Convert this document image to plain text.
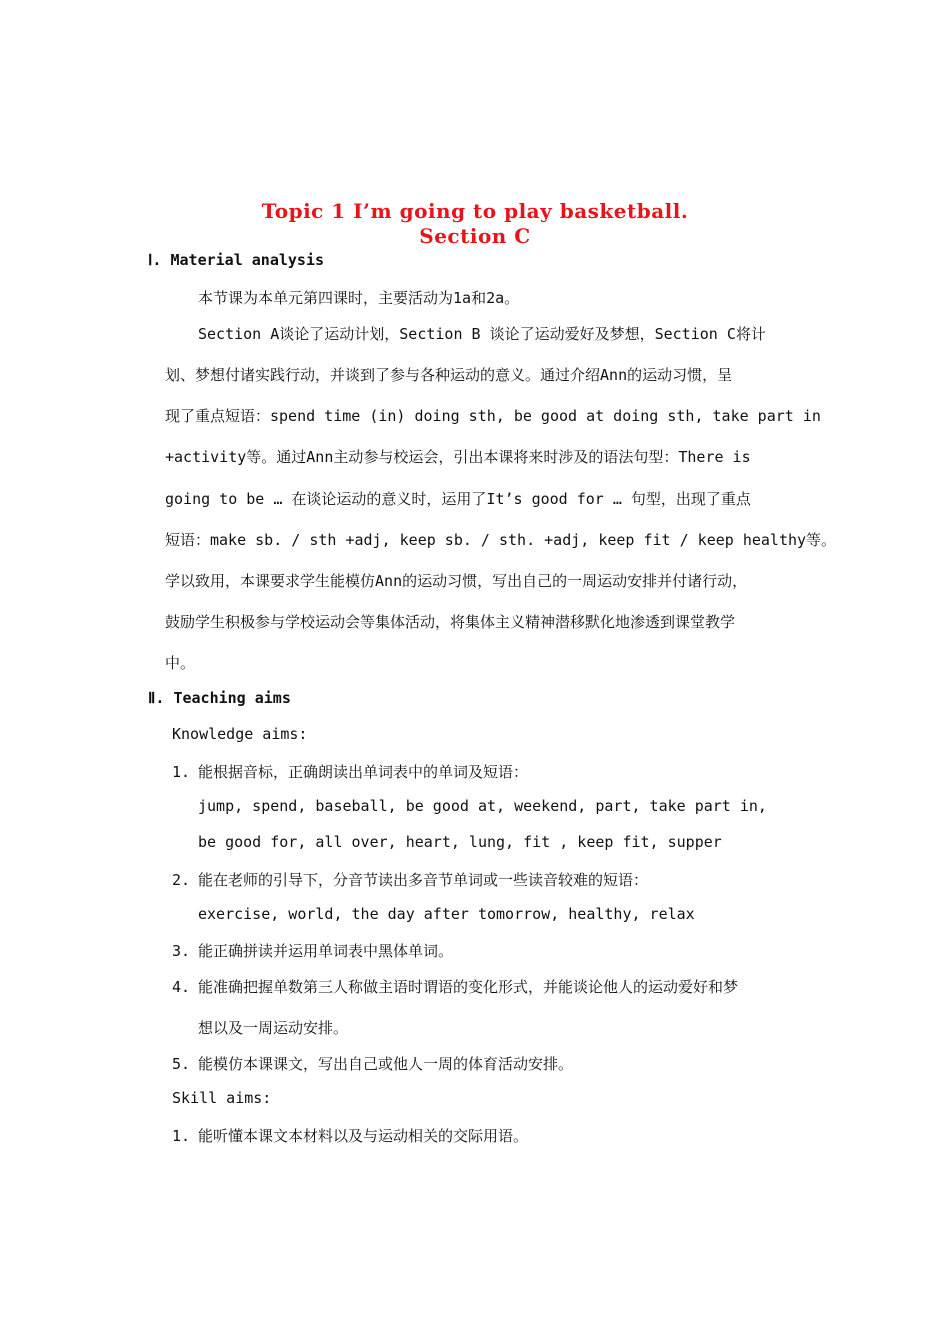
Topic 1 I’m going to play basketball.
Section C
Ⅰ. Material analysis

本节课为本单元第四课时，主要活动为1a和2a。

Section A谈论了运动计划，Section B 谈论了运动爱好及梦想，Section C将计

划、梦想付诸实践行动，并谈到了参与各种运动的意义。通过介绍Ann的运动习惯，呈

现了重点短语：spend time (in) doing sth, be good at doing sth, take part in

+activity等。通过Ann主动参与校运会，引出本课将来时涉及的语法句型：There is

going to be … 在谈论运动的意义时，运用了It’s good for … 句型，出现了重点

短语：make sb. / sth +adj, keep sb. / sth. +adj, keep fit / keep healthy等。

学以致用，本课要求学生能模仿Ann的运动习惯，写出自己的一周运动安排并付诸行动，

鼓励学生积极参与学校运动会等集体活动，将集体主义精神潜移默化地渗透到课堂教学

中。

Ⅱ. Teaching aims
Knowledge aims:
1. 能根据音标，正确朗读出单词表中的单词及短语：
jump, spend, baseball, be good at, weekend, part, take part in,
be good for, all over, heart, lung, fit , keep fit, supper
2. 能在老师的引导下，分音节读出多音节单词或一些读音较难的短语：
exercise, world, the day after tomorrow, healthy, relax
3. 能正确拼读并运用单词表中黑体单词。
4. 能准确把握单数第三人称做主语时谓语的变化形式，并能谈论他人的运动爱好和梦
想以及一周运动安排。
5. 能模仿本课课文，写出自己或他人一周的体育活动安排。
Skill aims:
1. 能听懂本课文本材料以及与运动相关的交际用语。
